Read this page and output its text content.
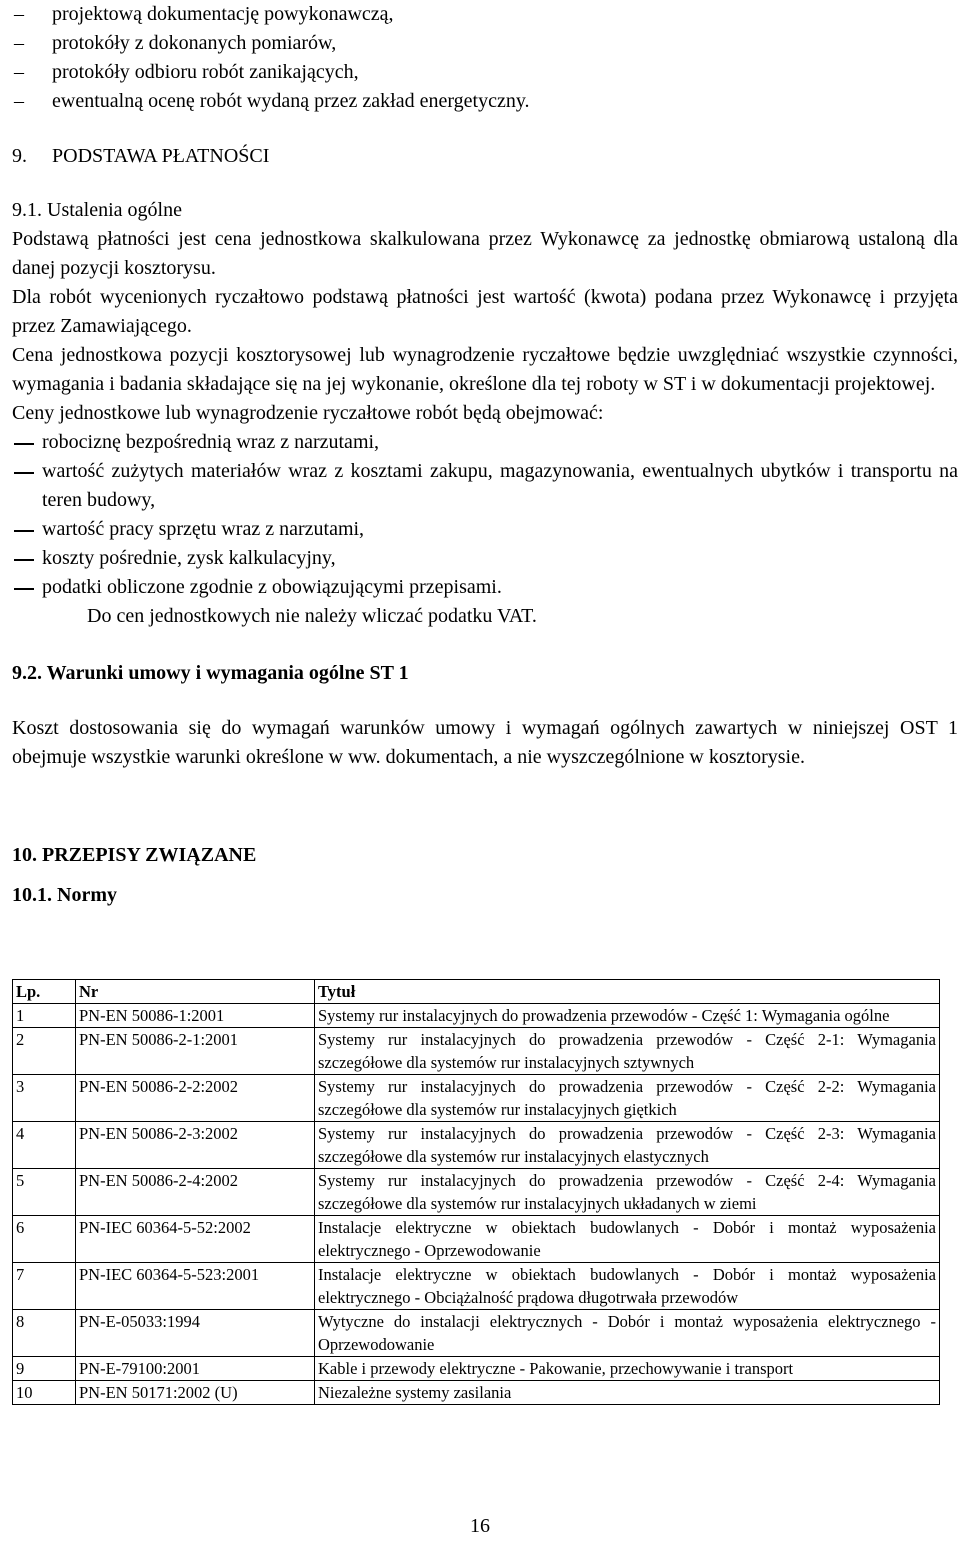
– projektową dokumentację powykonawczą,
– protokóły z dokonanych pomiarów,
– protokóły odbioru robót zanikających,
– ewentualną ocenę robót wydaną przez zakład energetyczny.
9. PODSTAWA PŁATNOŚCI
9.1. Ustalenia ogólne

Podstawą płatności jest cena jednostkowa skalkulowana przez Wykonawcę za jednostkę obmiarową ustaloną dla danej pozycji kosztorysu.

Dla robót wycenionych ryczałtowo podstawą płatności jest wartość (kwota) podana przez Wykonawcę i przyjęta przez Zamawiającego.

Cena jednostkowa pozycji kosztorysowej lub wynagrodzenie ryczałtowe będzie uwzględniać wszystkie czynności, wymagania i badania składające się na jej wykonanie, określone dla tej roboty w ST i w dokumentacji projektowej.

Ceny jednostkowe lub wynagrodzenie ryczałtowe robót będą obejmować:

robociznę bezpośrednią wraz z narzutami,
wartość zużytych materiałów wraz z kosztami zakupu, magazynowania, ewentualnych ubytków i transportu na teren budowy,
wartość pracy sprzętu wraz z narzutami,
koszty pośrednie, zysk kalkulacyjny,
podatki obliczone zgodnie z obowiązującymi przepisami.

Do cen jednostkowych nie należy wliczać podatku VAT.

9.2. Warunki umowy i wymagania ogólne ST 1

Koszt dostosowania się do wymagań warunków umowy i wymagań ogólnych zawartych w niniejszej OST 1 obejmuje wszystkie warunki określone w ww. dokumentach, a nie wyszczególnione w kosztorysie.

10. PRZEPISY ZWIĄZANE
10.1. Normy
Lp.	Nr	Tytuł
1	PN-EN 50086-1:2001	Systemy rur instalacyjnych do prowadzenia przewodów - Część 1: Wymagania ogólne
2	PN-EN 50086-2-1:2001	Systemy rur instalacyjnych do prowadzenia przewodów - Część 2-1: Wymagania szczegółowe dla systemów rur instalacyjnych sztywnych
3	PN-EN 50086-2-2:2002	Systemy rur instalacyjnych do prowadzenia przewodów - Część 2-2: Wymagania szczegółowe dla systemów rur instalacyjnych giętkich
4	PN-EN 50086-2-3:2002	Systemy rur instalacyjnych do prowadzenia przewodów - Część 2-3: Wymagania szczegółowe dla systemów rur instalacyjnych elastycznych
5	PN-EN 50086-2-4:2002	Systemy rur instalacyjnych do prowadzenia przewodów - Część 2-4: Wymagania szczegółowe dla systemów rur instalacyjnych układanych w ziemi
6	PN-IEC 60364-5-52:2002	Instalacje elektryczne w obiektach budowlanych - Dobór i montaż wyposażenia elektrycznego - Oprzewodowanie
7	PN-IEC 60364-5-523:2001	Instalacje elektryczne w obiektach budowlanych - Dobór i montaż wyposażenia elektrycznego - Obciążalność prądowa długotrwała przewodów
8	PN-E-05033:1994	Wytyczne do instalacji elektrycznych - Dobór i montaż wyposażenia elektrycznego - Oprzewodowanie
9	PN-E-79100:2001	Kable i przewody elektryczne - Pakowanie, przechowywanie i transport
10	PN-EN 50171:2002 (U)	Niezależne systemy zasilania
16
